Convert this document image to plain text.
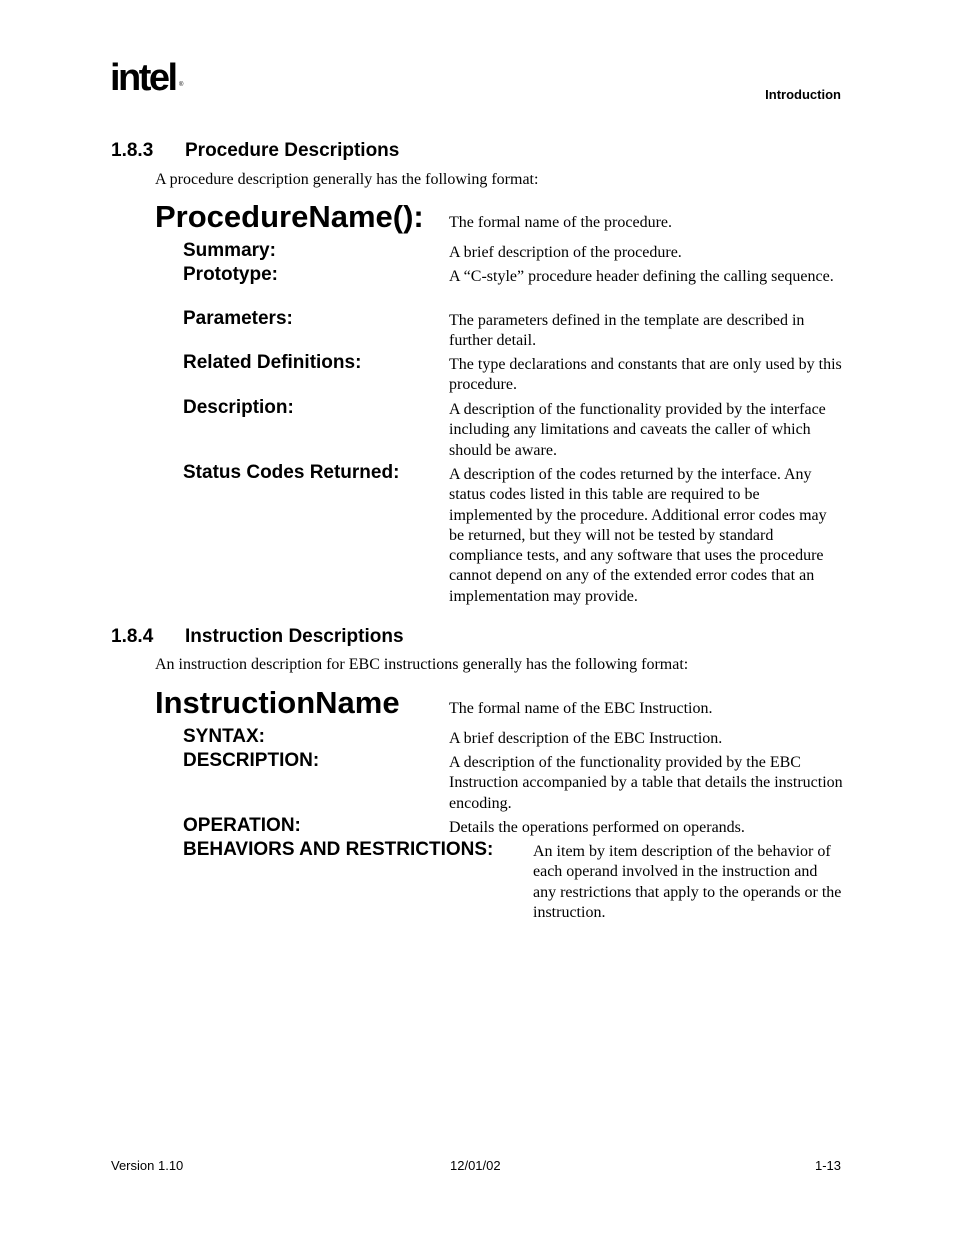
intel ®
Introduction
1.8.3 Procedure Descriptions
A procedure description generally has the following format:
ProcedureName(): The formal name of the procedure.
Summary:	A brief description of the procedure.
Prototype:	A “C-style” procedure header defining the calling sequence.
Parameters:	The parameters defined in the template are described in further detail.
Related Definitions:	The type declarations and constants that are only used by this procedure.
Description:	A description of the functionality provided by the interface including any limitations and caveats the caller of which should be aware.
Status Codes Returned:	A description of the codes returned by the interface. Any status codes listed in this table are required to be implemented by the procedure. Additional error codes may be returned, but they will not be tested by standard compliance tests, and any software that uses the procedure cannot depend on any of the extended error codes that an implementation may provide.
1.8.4 Instruction Descriptions
An instruction description for EBC instructions generally has the following format:
InstructionName	The formal name of the EBC Instruction.
SYNTAX:	A brief description of the EBC Instruction.
DESCRIPTION:	A description of the functionality provided by the EBC Instruction accompanied by a table that details the instruction encoding.
OPERATION:	Details the operations performed on operands.
BEHAVIORS AND RESTRICTIONS: An item by item description of the behavior of each operand involved in the instruction and any restrictions that apply to the operands or the instruction.
Version 1.10	12/01/02	1-13
